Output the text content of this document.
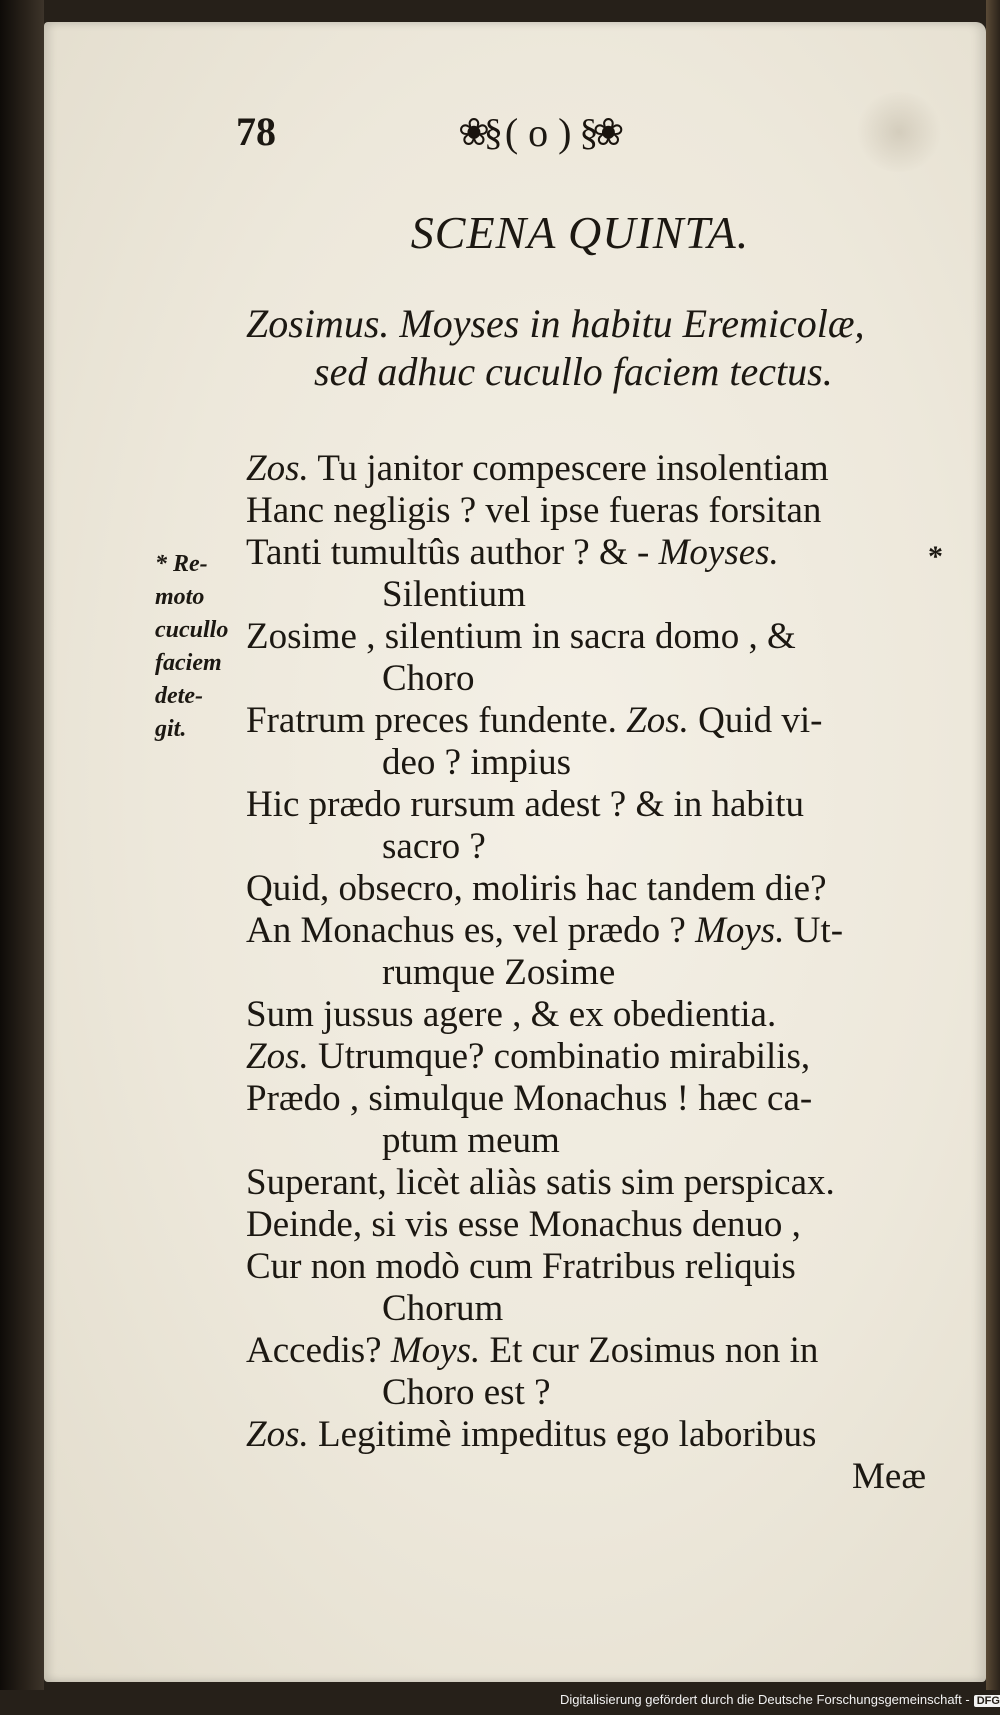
78	❀§ ( o ) §❀
SCENA QUINTA.
Zosimus. Moyses in habitu Eremicolæ,
sed adhuc cucullo faciem tectus.
Zos. Tu janitor compescere insolentiam
Hanc negligis ? vel ipse fueras forsitan
Tanti tumultûs author ? & - Moyses.
Silentium
Zosime , silentium in sacra domo , &
Choro
Fratrum preces fundente. Zos. Quid vi-
deo ? impius
Hic prædo rursum adest ? & in habitu
sacro ?
Quid, obsecro, moliris hac tandem die?
An Monachus es, vel prædo ? Moys. Ut-
rumque Zosime
Sum jussus agere , & ex obedientia.
Zos. Utrumque? combinatio mirabilis,
Prædo , simulque Monachus ! hæc ca-
ptum meum
Superant, licèt aliàs satis sim perspicax.
Deinde, si vis esse Monachus denuo ,
Cur non modò cum Fratribus reliquis
Chorum
Accedis? Moys. Et cur Zosimus non in
Choro est ?
Zos. Legitimè impeditus ego laboribus
Meæ
* Re-
moto
cucullo
faciem
dete-
git.
*
Digitalisierung gefördert durch die Deutsche Forschungsgemeinschaft - DFG
